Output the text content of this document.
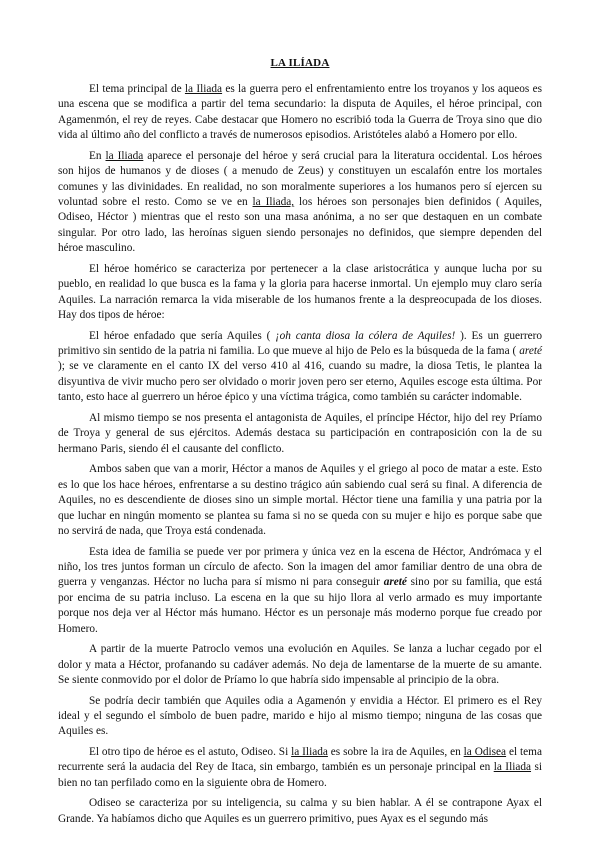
LA ILÍADA

El tema principal de la Iliada es la guerra pero el enfrentamiento entre los troyanos y los aqueos es una escena que se modifica a partir del tema secundario: la disputa de Aquiles, el héroe principal, con Agamenmón, el rey de reyes. Cabe destacar que Homero no escribió toda la Guerra de Troya sino que dio vida al último año del conflicto a través de numerosos episodios. Aristóteles alabó a Homero por ello.

En la Iliada aparece el personaje del héroe y será crucial para la literatura occidental. Los héroes son hijos de humanos y de dioses ( a menudo de Zeus) y constituyen un escalafón entre los mortales comunes y las divinidades. En realidad, no son moralmente superiores a los humanos pero sí ejercen su voluntad sobre el resto. Como se ve en la Iliada, los héroes son personajes bien definidos ( Aquiles, Odiseo, Héctor ) mientras que el resto son una masa anónima, a no ser que destaquen en un combate singular. Por otro lado, las heroínas siguen siendo personajes no definidos, que siempre dependen del héroe masculino.

El héroe homérico se caracteriza por pertenecer a la clase aristocrática y aunque lucha por su pueblo, en realidad lo que busca es la fama y la gloria para hacerse inmortal. Un ejemplo muy claro sería Aquiles. La narración remarca la vida miserable de los humanos frente a la despreocupada de los dioses. Hay dos tipos de héroe:

El héroe enfadado que sería Aquiles ( ¡oh canta diosa la cólera de Aquiles! ). Es un guerrero primitivo sin sentido de la patria ni familia. Lo que mueve al hijo de Pelo es la búsqueda de la fama ( areté ); se ve claramente en el canto IX del verso 410 al 416, cuando su madre, la diosa Tetis, le plantea la disyuntiva de vivir mucho pero ser olvidado o morir joven pero ser eterno, Aquiles escoge esta última. Por tanto, esto hace al guerrero un héroe épico y una víctima trágica, como también su carácter indomable.

Al mismo tiempo se nos presenta el antagonista de Aquiles, el príncipe Héctor, hijo del rey Príamo de Troya y general de sus ejércitos. Además destaca su participación en contraposición con la de su hermano Paris, siendo él el causante del conflicto.

Ambos saben que van a morir, Héctor a manos de Aquiles y el griego al poco de matar a este. Esto es lo que los hace héroes, enfrentarse a su destino trágico aún sabiendo cual será su final. A diferencia de Aquiles, no es descendiente de dioses sino un simple mortal. Héctor tiene una familia y una patria por la que luchar en ningún momento se plantea su fama si no se queda con su mujer e hijo es porque sabe que no servirá de nada, que Troya está condenada.

Esta idea de familia se puede ver por primera y única vez en la escena de Héctor, Andrómaca y el niño, los tres juntos forman un círculo de afecto. Son la imagen del amor familiar dentro de una obra de guerra y venganzas. Héctor no lucha para sí mismo ni para conseguir areté sino por su familia, que está por encima de su patria incluso. La escena en la que su hijo llora al verlo armado es muy importante porque nos deja ver al Héctor más humano. Héctor es un personaje más moderno porque fue creado por Homero.

A partir de la muerte Patroclo vemos una evolución en Aquiles. Se lanza a luchar cegado por el dolor y mata a Héctor, profanando su cadáver además. No deja de lamentarse de la muerte de su amante. Se siente conmovido por el dolor de Príamo lo que habría sido impensable al principio de la obra.

Se podría decir también que Aquiles odia a Agamenón y envidia a Héctor. El primero es el Rey ideal y el segundo el símbolo de buen padre, marido e hijo al mismo tiempo; ninguna de las cosas que Aquiles es.

El otro tipo de héroe es el astuto, Odiseo. Si la Iliada es sobre la ira de Aquiles, en la Odisea el tema recurrente será la audacia del Rey de Itaca, sin embargo, también es un personaje principal en la Iliada si bien no tan perfilado como en la siguiente obra de Homero.

Odiseo se caracteriza por su inteligencia, su calma y su bien hablar. A él se contrapone Ayax el Grande. Ya habíamos dicho que Aquiles es un guerrero primitivo, pues Ayax es el segundo más
